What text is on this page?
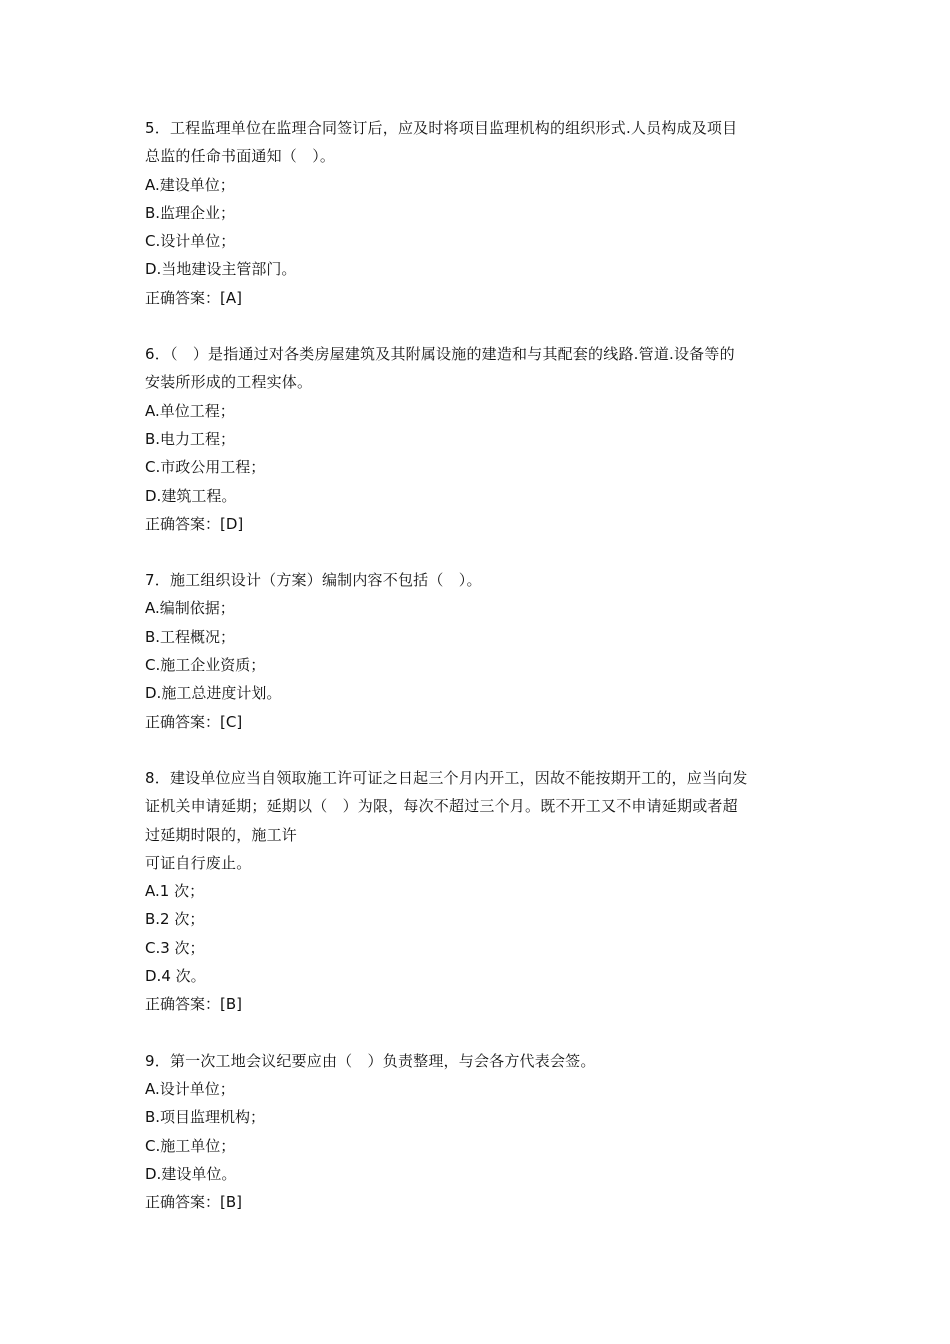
5．工程监理单位在监理合同签订后，应及时将项目监理机构的组织形式.人员构成及项目
总监的任命书面通知（　）。
A.建设单位；
B.监理企业；
C.设计单位；
D.当地建设主管部门。
正确答案：[A]
6．（　）是指通过对各类房屋建筑及其附属设施的建造和与其配套的线路.管道.设备等的
安装所形成的工程实体。
A.单位工程；
B.电力工程；
C.市政公用工程；
D.建筑工程。
正确答案：[D]
7．施工组织设计（方案）编制内容不包括（　）。
A.编制依据；
B.工程概况；
C.施工企业资质；
D.施工总进度计划。
正确答案：[C]
8．建设单位应当自领取施工许可证之日起三个月内开工，因故不能按期开工的，应当向发
证机关申请延期；延期以（　）为限，每次不超过三个月。既不开工又不申请延期或者超
过延期时限的，施工许
可证自行废止。
A.1 次；
B.2 次；
C.3 次；
D.4 次。
正确答案：[B]
9．第一次工地会议纪要应由（　）负责整理，与会各方代表会签。
A.设计单位；
B.项目监理机构；
C.施工单位；
D.建设单位。
正确答案：[B]
